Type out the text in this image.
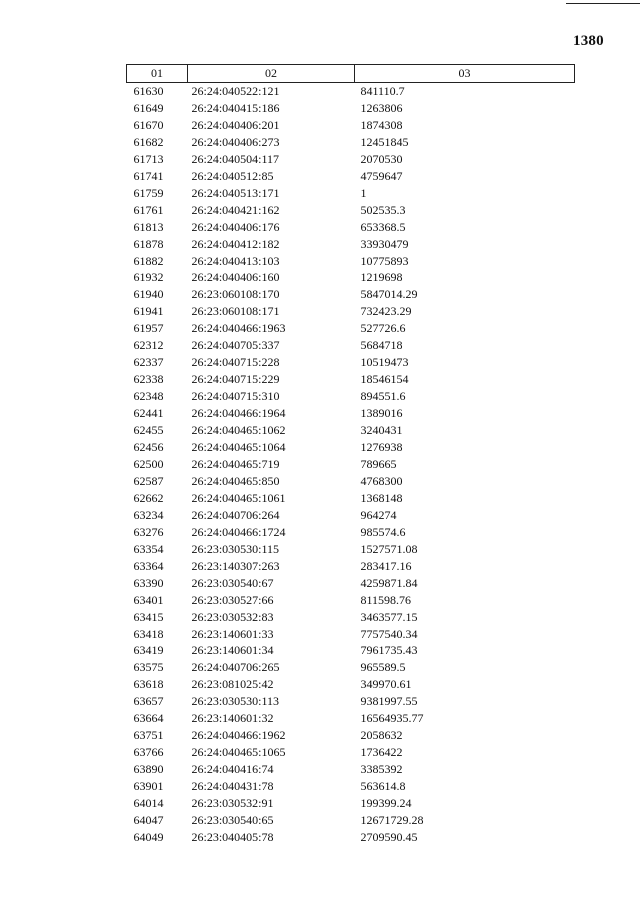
1380
01	02	03
61630	26:24:040522:121	841110.7
61649	26:24:040415:186	1263806
61670	26:24:040406:201	1874308
61682	26:24:040406:273	12451845
61713	26:24:040504:117	2070530
61741	26:24:040512:85	4759647
61759	26:24:040513:171	1
61761	26:24:040421:162	502535.3
61813	26:24:040406:176	653368.5
61878	26:24:040412:182	33930479
61882	26:24:040413:103	10775893
61932	26:24:040406:160	1219698
61940	26:23:060108:170	5847014.29
61941	26:23:060108:171	732423.29
61957	26:24:040466:1963	527726.6
62312	26:24:040705:337	5684718
62337	26:24:040715:228	10519473
62338	26:24:040715:229	18546154
62348	26:24:040715:310	894551.6
62441	26:24:040466:1964	1389016
62455	26:24:040465:1062	3240431
62456	26:24:040465:1064	1276938
62500	26:24:040465:719	789665
62587	26:24:040465:850	4768300
62662	26:24:040465:1061	1368148
63234	26:24:040706:264	964274
63276	26:24:040466:1724	985574.6
63354	26:23:030530:115	1527571.08
63364	26:23:140307:263	283417.16
63390	26:23:030540:67	4259871.84
63401	26:23:030527:66	811598.76
63415	26:23:030532:83	3463577.15
63418	26:23:140601:33	7757540.34
63419	26:23:140601:34	7961735.43
63575	26:24:040706:265	965589.5
63618	26:23:081025:42	349970.61
63657	26:23:030530:113	9381997.55
63664	26:23:140601:32	16564935.77
63751	26:24:040466:1962	2058632
63766	26:24:040465:1065	1736422
63890	26:24:040416:74	3385392
63901	26:24:040431:78	563614.8
64014	26:23:030532:91	199399.24
64047	26:23:030540:65	12671729.28
64049	26:23:040405:78	2709590.45
